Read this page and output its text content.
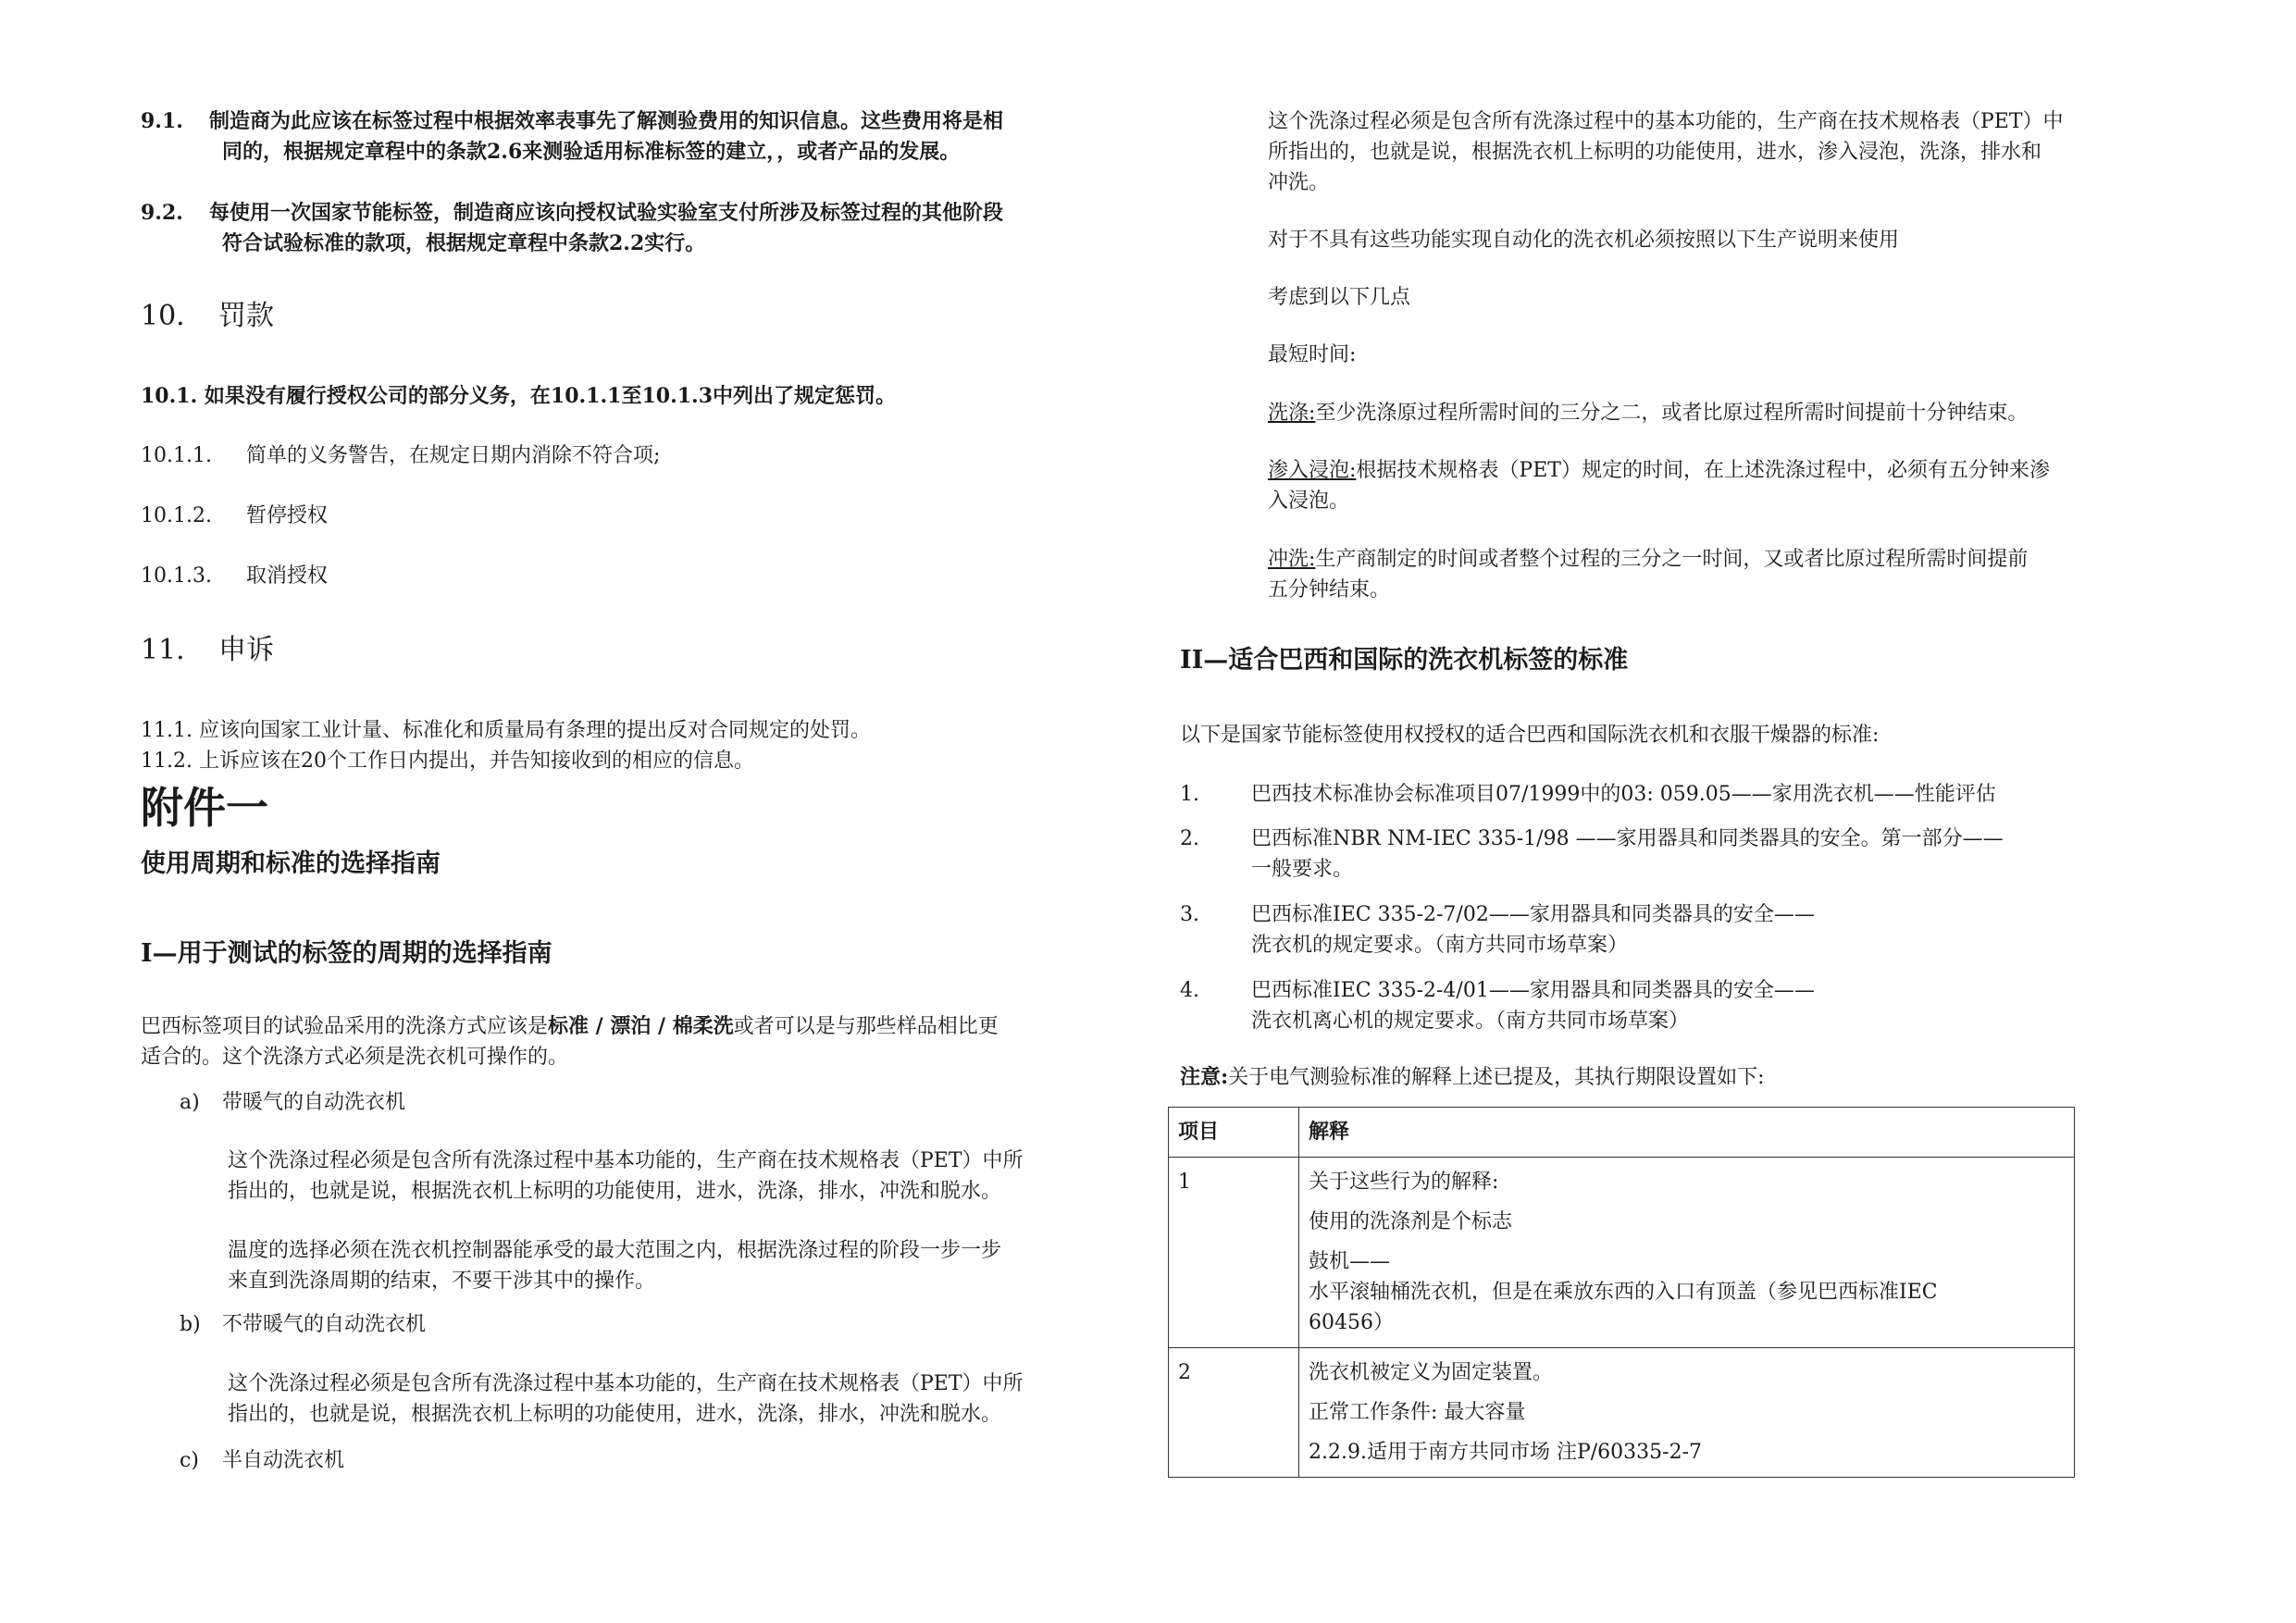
9.1. 制造商为此应该在标签过程中根据效率表事先了解测验费用的知识信息。这些费用将是相
同的，根据规定章程中的条款2.6来测验适用标准标签的建立，，或者产品的发展。
9.2. 每使用一次国家节能标签，制造商应该向授权试验实验室支付所涉及标签过程的其他阶段
符合试验标准的款项，根据规定章程中条款2.2实行。
10. 罚款
10.1. 如果没有履行授权公司的部分义务，在10.1.1至10.1.3中列出了规定惩罚。
10.1.1. 简单的义务警告，在规定日期内消除不符合项;
10.1.2. 暂停授权
10.1.3. 取消授权
11. 申诉
11.1. 应该向国家工业计量、标准化和质量局有条理的提出反对合同规定的处罚。
11.2. 上诉应该在20个工作日内提出，并告知接收到的相应的信息。
附件一
使用周期和标准的选择指南
I—用于测试的标签的周期的选择指南
巴西标签项目的试验品采用的洗涤方式应该是标准 / 漂泊 / 棉柔洗或者可以是与那些样品相比更
适合的。这个洗涤方式必须是洗衣机可操作的。
a) 带暖气的自动洗衣机
这个洗涤过程必须是包含所有洗涤过程中基本功能的，生产商在技术规格表（PET）中所
指出的，也就是说，根据洗衣机上标明的功能使用，进水，洗涤，排水，冲洗和脱水。
温度的选择必须在洗衣机控制器能承受的最大范围之内，根据洗涤过程的阶段一步一步
来直到洗涤周期的结束，不要干涉其中的操作。
b) 不带暖气的自动洗衣机
这个洗涤过程必须是包含所有洗涤过程中基本功能的，生产商在技术规格表（PET）中所
指出的，也就是说，根据洗衣机上标明的功能使用，进水，洗涤，排水，冲洗和脱水。
c) 半自动洗衣机
这个洗涤过程必须是包含所有洗涤过程中的基本功能的，生产商在技术规格表（PET）中
所指出的，也就是说，根据洗衣机上标明的功能使用，进水，渗入浸泡，洗涤，排水和
冲洗。
对于不具有这些功能实现自动化的洗衣机必须按照以下生产说明来使用
考虑到以下几点
最短时间:
洗涤:至少洗涤原过程所需时间的三分之二，或者比原过程所需时间提前十分钟结束。
渗入浸泡:根据技术规格表（PET）规定的时间，在上述洗涤过程中，必须有五分钟来渗
入浸泡。
冲洗:生产商制定的时间或者整个过程的三分之一时间，又或者比原过程所需时间提前
五分钟结束。
II—适合巴西和国际的洗衣机标签的标准
以下是国家节能标签使用权授权的适合巴西和国际洗衣机和衣服干燥器的标准:
1.	巴西技术标准协会标准项目07/1999中的03: 059.05——家用洗衣机——性能评估
2.	巴西标准NBR NM-IEC 335-1/98 ——家用器具和同类器具的安全。第一部分——
一般要求。
3.	巴西标准IEC 335-2-7/02——家用器具和同类器具的安全——
洗衣机的规定要求。（南方共同市场草案）
4.	巴西标准IEC 335-2-4/01——家用器具和同类器具的安全——
洗衣机离心机的规定要求。（南方共同市场草案）
注意:关于电气测验标准的解释上述已提及，其执行期限设置如下:
项目	解释
1	关于这些行为的解释:

使用的洗涤剂是个标志

鼓机——
水平滚轴桶洗衣机，但是在乘放东西的入口有顶盖（参见巴西标准IEC
60456）

2	洗衣机被定义为固定装置。

正常工作条件: 最大容量

2.2.9.适用于南方共同市场 注P/60335-2-7
